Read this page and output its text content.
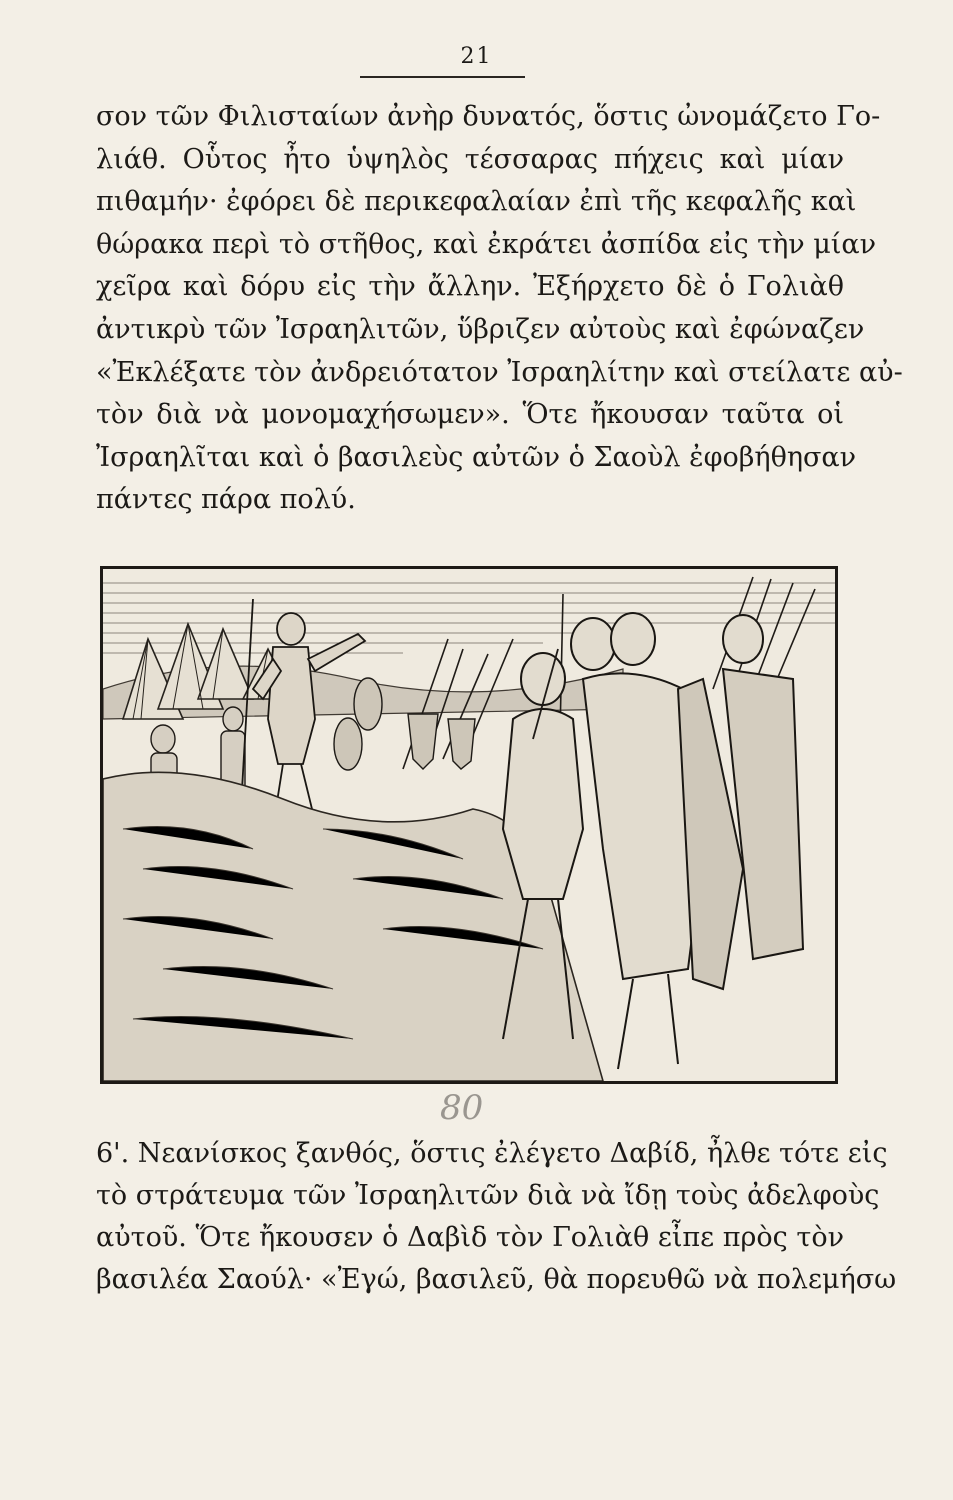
21
σον τῶν Φιλισταίων ἀνὴρ δυνατός, ὅστις ὠνομάζετο Γο-
λιάθ. Οὗτος ἦτο ὑψηλὸς τέσσαρας πήχεις καὶ μίαν
πιθαμήν· ἐφόρει δὲ περικεφαλαίαν ἐπὶ τῆς κεφαλῆς καὶ
θώρακα περὶ τὸ στῆθος, καὶ ἐκράτει ἀσπίδα εἰς τὴν μίαν
χεῖρα καὶ δόρυ εἰς τὴν ἄλλην. Ἐξήρχετο δὲ ὁ Γολιὰθ
ἀντικρὺ τῶν Ἰσραηλιτῶν, ὕβριζεν αὐτοὺς καὶ ἐφώναζεν
«Ἐκλέξατε τὸν ἀνδρειότατον Ἰσραηλίτην καὶ στείλατε αὐ-
τὸν διὰ νὰ μονομαχήσωμεν». Ὅτε ἤκουσαν ταῦτα οἱ
Ἰσραηλῖται καὶ ὁ βασιλεὺς αὐτῶν ὁ Σαοὺλ ἐφοβήθησαν
πάντες πάρα πολύ.
80
6'. Νεανίσκος ξανθός, ὅστις ἐλέγετο Δαβίδ, ἦλθε τότε εἰς
τὸ στράτευμα τῶν Ἰσραηλιτῶν διὰ νὰ ἴδῃ τοὺς ἀδελφοὺς
αὐτοῦ. Ὅτε ἤκουσεν ὁ Δαβὶδ τὸν Γολιὰθ εἶπε πρὸς τὸν
βασιλέα Σαούλ· «Ἐγώ, βασιλεῦ, θὰ πορευθῶ νὰ πολεμήσω
